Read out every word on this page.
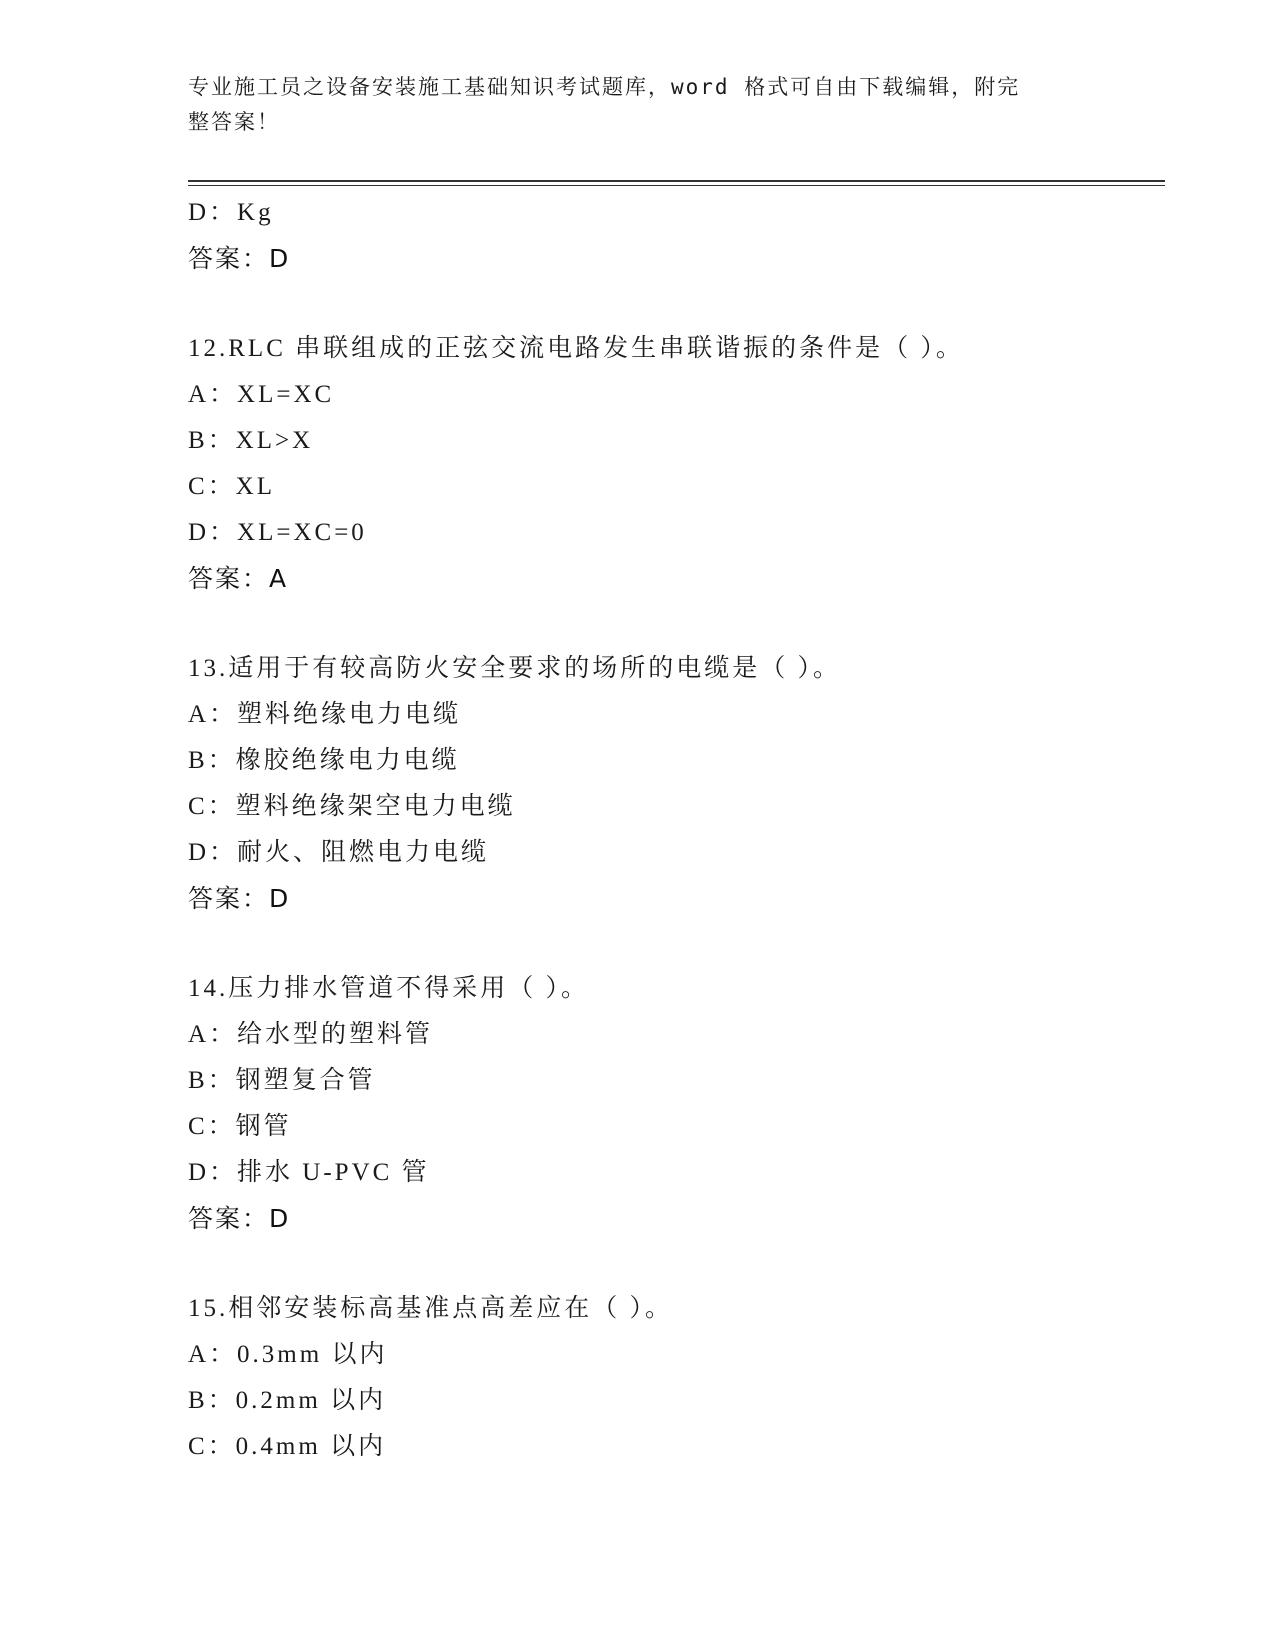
专业施工员之设备安装施工基础知识考试题库，word 格式可自由下载编辑，附完
整答案！
D：Kg
答案：D
12.RLC 串联组成的正弦交流电路发生串联谐振的条件是（ ）。
A：XL=XC
B：XL>X
C：XL
D：XL=XC=0
答案：A
13.适用于有较高防火安全要求的场所的电缆是（ ）。
A：塑料绝缘电力电缆
B：橡胶绝缘电力电缆
C：塑料绝缘架空电力电缆
D：耐火、阻燃电力电缆
答案：D
14.压力排水管道不得采用（ ）。
A：给水型的塑料管
B：钢塑复合管
C：钢管
D：排水 U-PVC 管
答案：D
15.相邻安装标高基准点高差应在（ ）。
A：0.3mm 以内
B：0.2mm 以内
C：0.4mm 以内
